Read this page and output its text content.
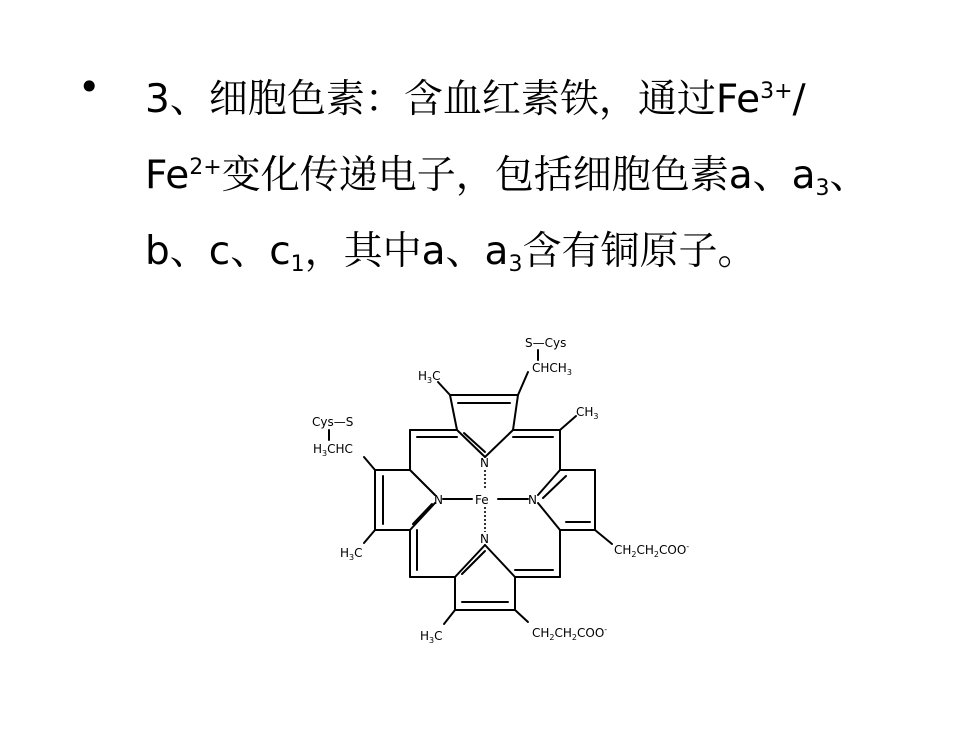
• 3、细胞色素：含血红素铁，通过$Fe^{3+}/$
$Fe^{2+}$变化传递电子，包括细胞色素a、$a_3$、
b、c、$c_1$，其中a、$a_3$含有铜原子。
S—Cys
$CHCH_3$
$H_3C$
$CH_3$
Cys—S
$H_3CHC$
N
N	Fe	N
N
$H_3C$	$CH_2CH_2COO^-$
$H_3C$	$CH_2CH_2COO^-$
